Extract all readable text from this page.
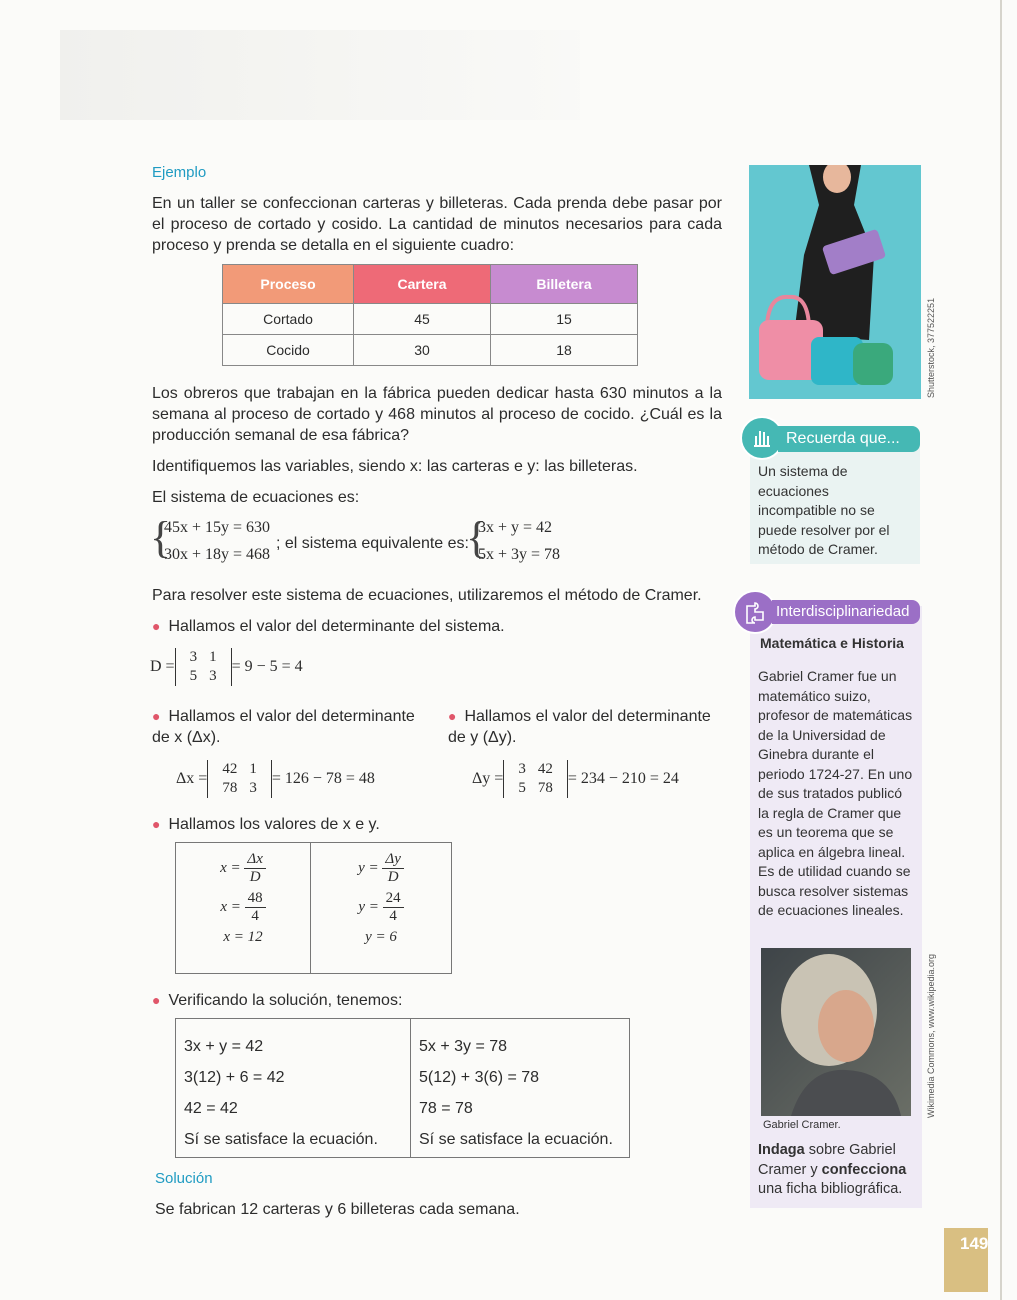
Ejemplo
En un taller se confeccionan carteras y billeteras. Cada prenda debe pasar por el proceso de cortado y cosido. La cantidad de minutos necesarios para cada proceso y prenda se detalla en el siguiente cuadro:
Proceso	Cartera	Billetera
Cortado	45	15
Cocido	30	18
Los obreros que trabajan en la fábrica pueden dedicar hasta 630 minutos a la semana al proceso de cortado y 468 minutos al proceso de cocido. ¿Cuál es la producción semanal de esa fábrica?
Identifiquemos las variables, siendo x: las carteras e y: las billeteras.
El sistema de ecuaciones es:
{
45x + 15y = 630
30x + 18y = 468
; el sistema equivalente es:
{
3x + y = 42
5x + 3y = 78
Para resolver este sistema de ecuaciones, utilizaremos el método de Cramer.
● Hallamos el valor del determinante del sistema.
D =
3	1
5	3
= 9 − 5 = 4
● Hallamos el valor del determinante de x (Δx).
● Hallamos el valor del determinante de y (Δy).
Δx =
42	1
78	3
= 126 − 78 = 48	Δy =
3	42
5	78
= 234 − 210 = 24
● Hallamos los valores de x e y.
$x = \frac{\Delta x}{D}$
$x = \frac{48}{4}$
x = 12
$y = \frac{\Delta y}{D}$
$y = \frac{24}{4}$
y = 6
● Verificando la solución, tenemos:
3x + y = 42
3(12) + 6 = 42
42 = 42
Sí se satisface la ecuación.
5x + 3y = 78
5(12) + 3(6) = 78
78 = 78
Sí se satisface la ecuación.
Solución
Se fabrican 12 carteras y 6 billeteras cada semana.
Shutterstock, 377522251
Recuerda que...
Un sistema de ecuaciones incompatible no se puede resolver por el método de Cramer.
Interdisciplinariedad
Matemática e Historia
Gabriel Cramer fue un matemático suizo, profesor de matemáticas de la Universidad de Ginebra durante el periodo 1724-27. En uno de sus tratados publicó la regla de Cramer que es un teorema que se aplica en álgebra lineal. Es de utilidad cuando se busca resolver sistemas de ecuaciones lineales.
Gabriel Cramer.
Wikimedia Commons, www.wikipedia.org
Indaga sobre Gabriel Cramer y confecciona una ficha bibliográfica.
149
